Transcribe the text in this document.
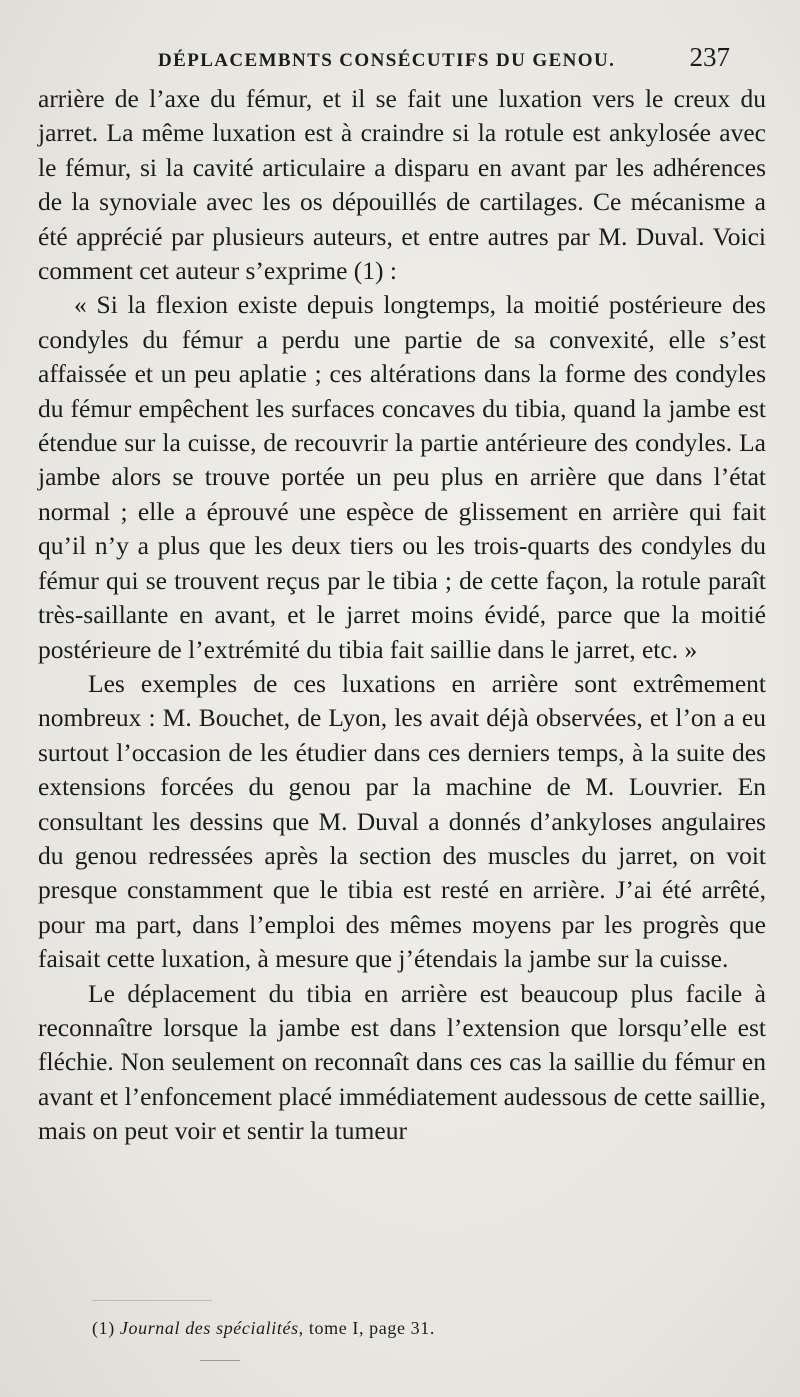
DÉPLACEMBNTS CONSÉCUTIFS DU GENOU.	237

arrière de l’axe du fémur, et il se fait une luxation vers le creux du jarret. La même luxation est à craindre si la rotule est ankylosée avec le fémur, si la cavité articulaire a disparu en avant par les adhérences de la synoviale avec les os dépouillés de cartilages. Ce mécanisme a été apprécié par plusieurs auteurs, et entre autres par M. Duval. Voici comment cet auteur s’exprime (1) :

« Si la flexion existe depuis longtemps, la moitié postérieure des condyles du fémur a perdu une partie de sa convexité, elle s’est affaissée et un peu aplatie ; ces altérations dans la forme des condyles du fémur empêchent les surfaces concaves du tibia, quand la jambe est étendue sur la cuisse, de recouvrir la partie antérieure des condyles. La jambe alors se trouve portée un peu plus en arrière que dans l’état normal ; elle a éprouvé une espèce de glissement en arrière qui fait qu’il n’y a plus que les deux tiers ou les trois-quarts des condyles du fémur qui se trouvent reçus par le tibia ; de cette façon, la rotule paraît très-saillante en avant, et le jarret moins évidé, parce que la moitié postérieure de l’extrémité du tibia fait saillie dans le jarret, etc. »

Les exemples de ces luxations en arrière sont extrêmement nombreux : M. Bouchet, de Lyon, les avait déjà observées, et l’on a eu surtout l’occasion de les étudier dans ces derniers temps, à la suite des extensions forcées du genou par la machine de M. Louvrier. En consultant les dessins que M. Duval a donnés d’ankyloses angulaires du genou redressées après la section des muscles du jarret, on voit presque constamment que le tibia est resté en arrière. J’ai été arrêté, pour ma part, dans l’emploi des mêmes moyens par les progrès que faisait cette luxation, à mesure que j’étendais la jambe sur la cuisse.

Le déplacement du tibia en arrière est beaucoup plus facile à reconnaître lorsque la jambe est dans l’extension que lorsqu’elle est fléchie. Non seulement on reconnaît dans ces cas la saillie du fémur en avant et l’enfoncement placé immédiatement audessous de cette saillie, mais on peut voir et sentir la tumeur

(1) Journal des spécialités, tome I, page 31.
